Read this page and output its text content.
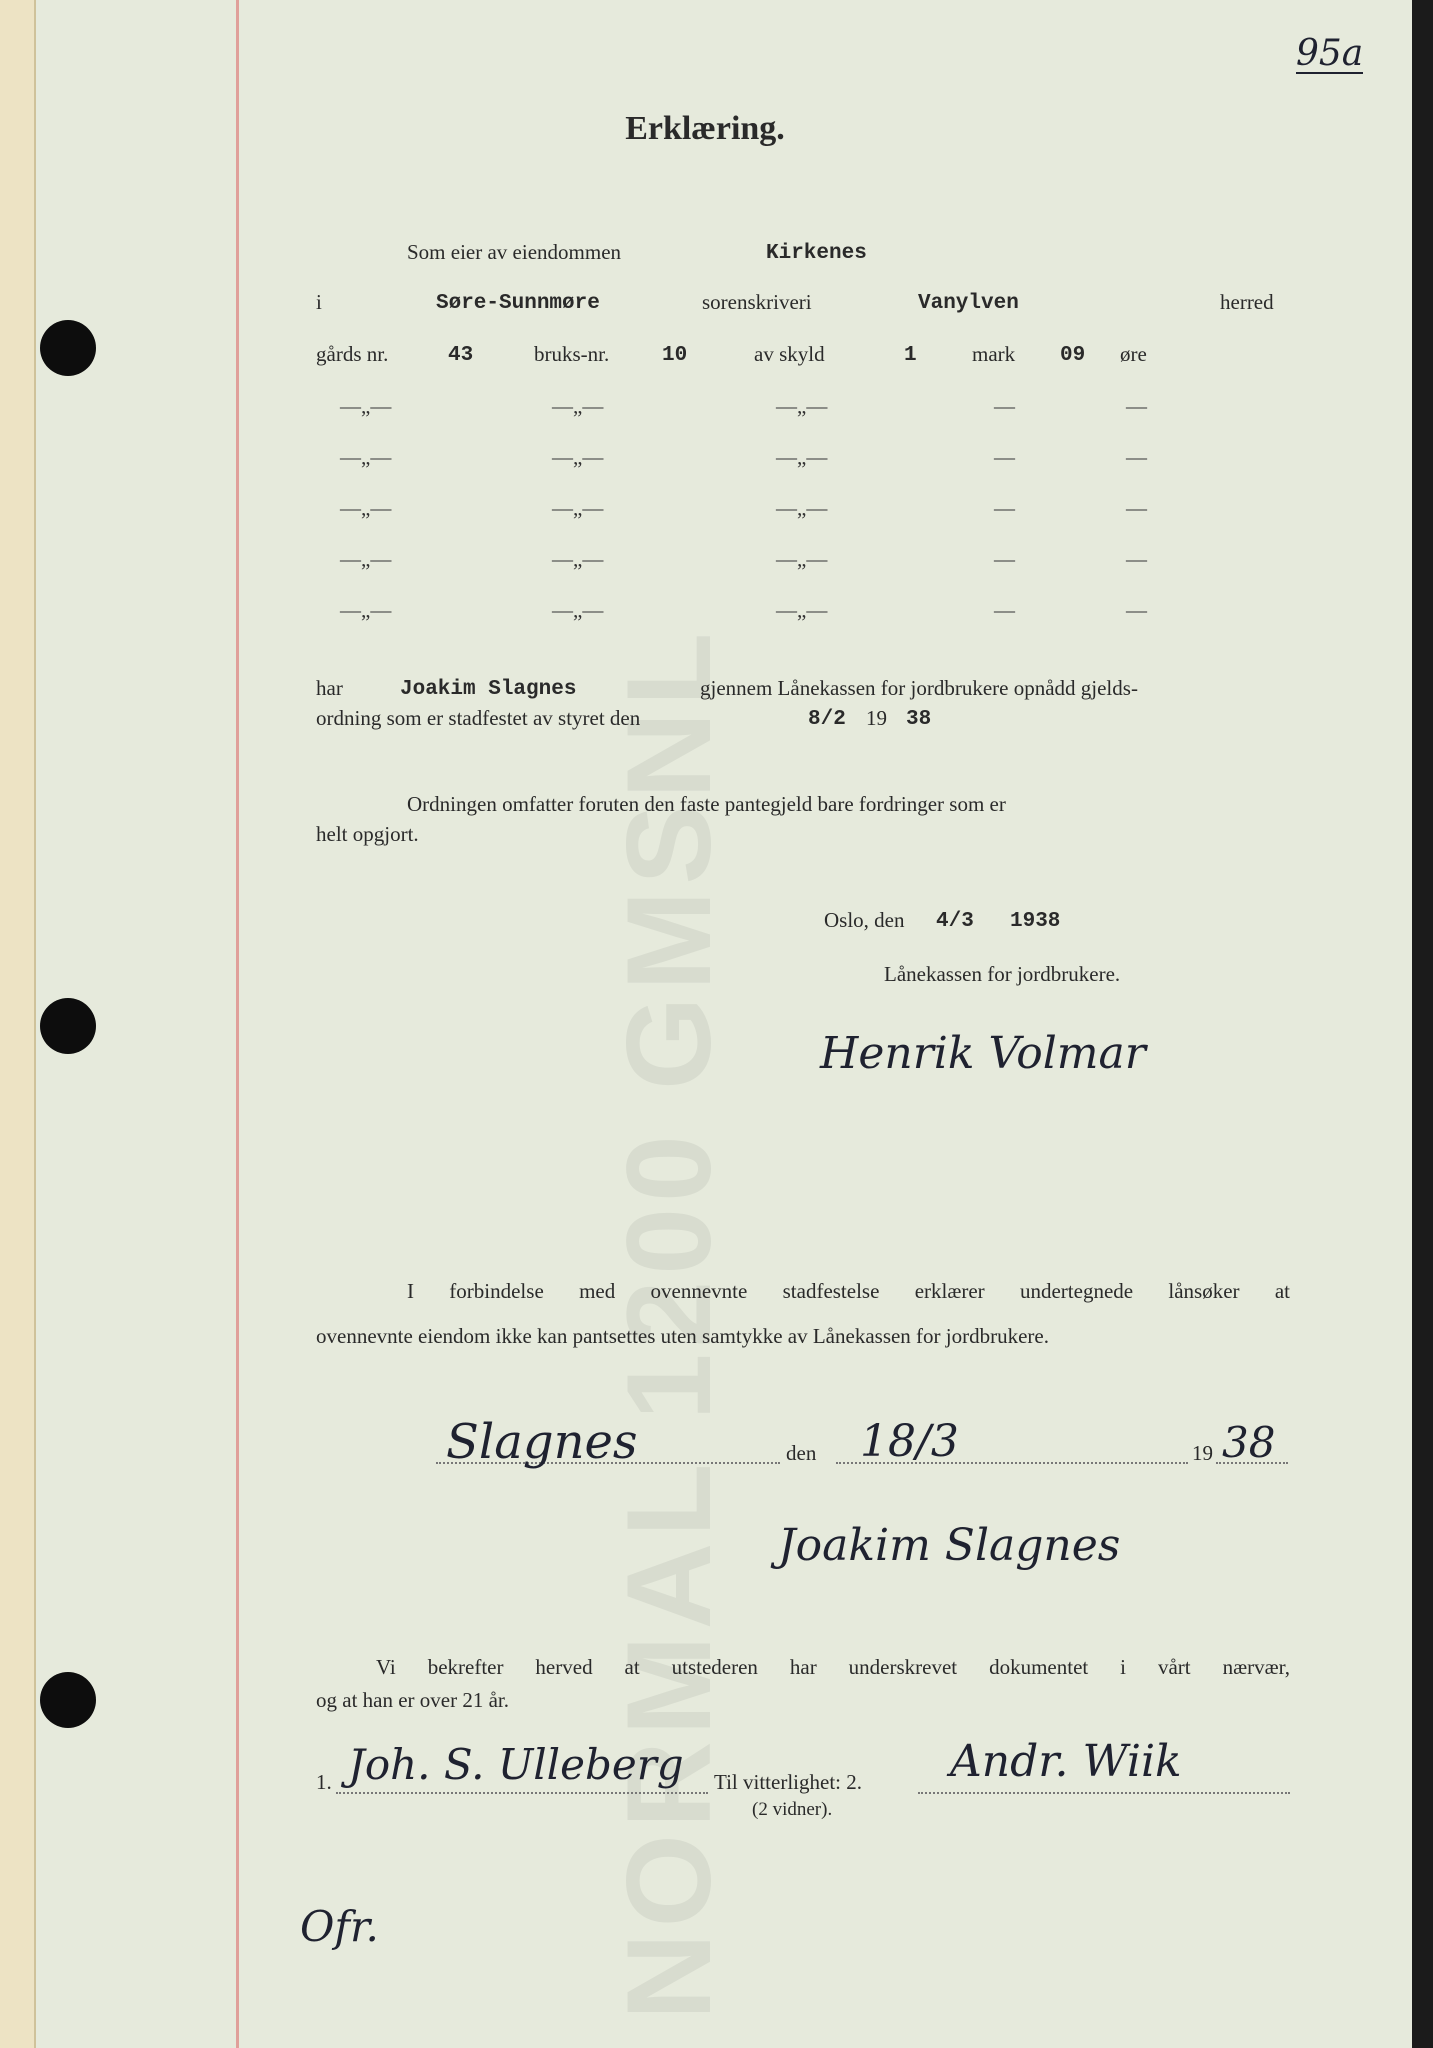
NORMAL 1200 GMSNL
95a
Erklæring.
Som eier av eiendommen	Kirkenes
i	Søre-Sunnmøre	sorenskriveri	Vanylven	herred
gårds nr.	43	bruks-nr.	10	av skyld	1	mark 09 øre
—„—	—„—	—„—	—	—
—„—	—„—	—„—	—	—
—„—	—„—	—„—	—	—
—„—	—„—	—„—	—	—
—„—	—„—	—„—	—	—
har	Joakim Slagnes	gjennem Lånekassen for jordbrukere opnådd gjelds-
ordning som er stadfestet av styret den	8/2 19 38
Ordningen omfatter foruten den faste pantegjeld bare fordringer som er
helt opgjort.
Oslo, den 4/3 1938
Lånekassen for jordbrukere.
Henrik Volmar
I forbindelse med ovennevnte stadfestelse erklærer undertegnede lånsøker at
ovennevnte eiendom ikke kan pantsettes uten samtykke av Lånekassen for jordbrukere.
Slagnes	den 18/3	19 38
Joakim Slagnes
Vi bekrefter herved at utstederen har underskrevet dokumentet i vårt nærvær,
og at han er over 21 år.
1. Joh. S. Ulleberg Til vitterlighet: 2. Andr. Wiik
(2 vidner).
Ofr.
